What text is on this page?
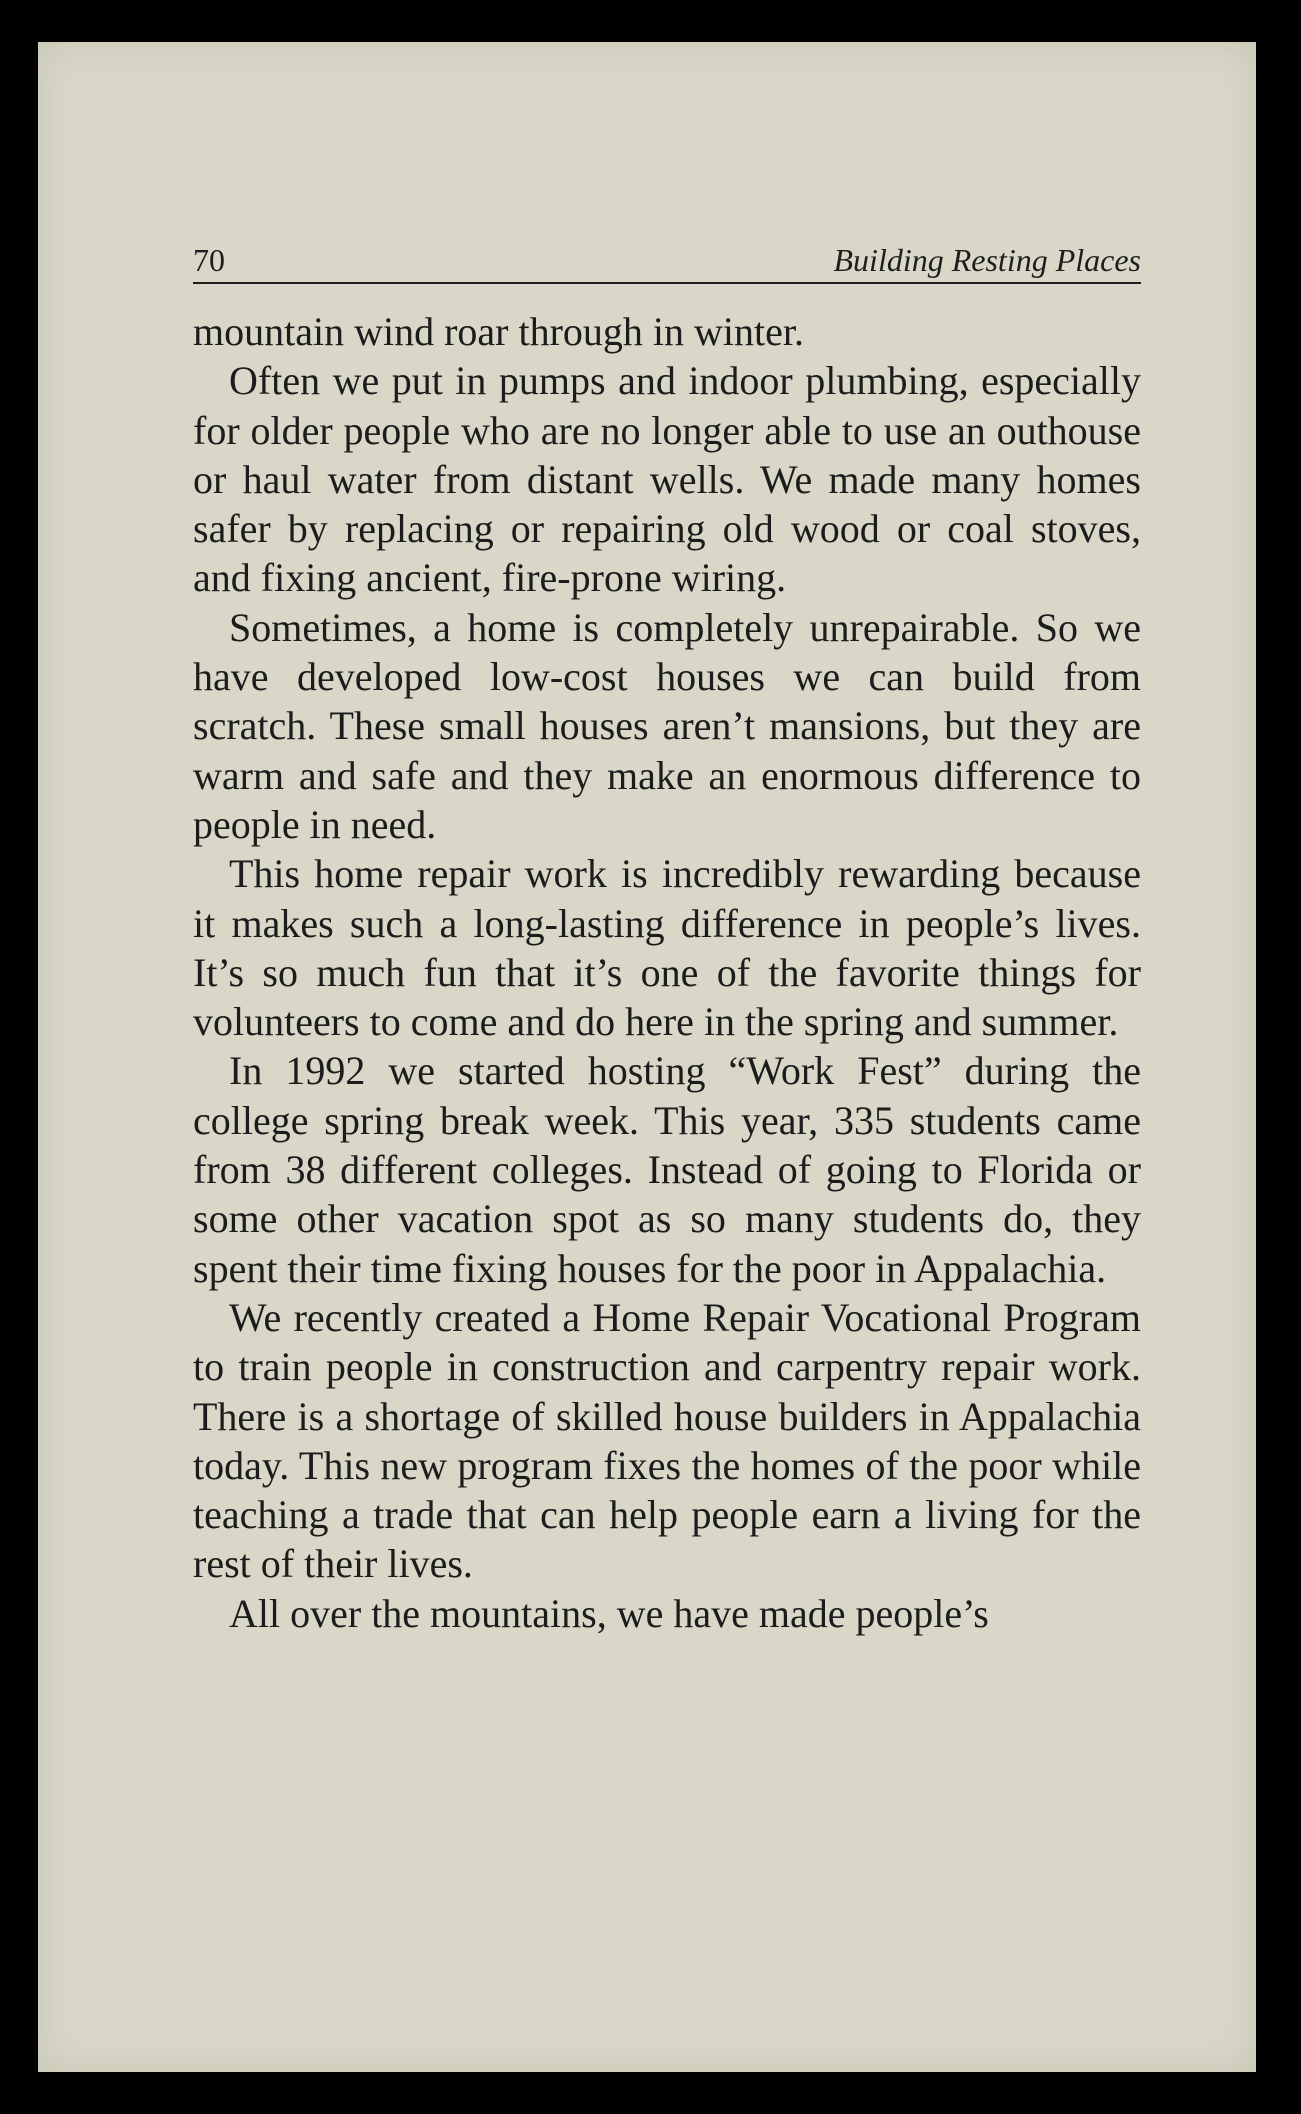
70	Building Resting Places

mountain wind roar through in winter.

Often we put in pumps and indoor plumbing, especially for older people who are no longer able to use an outhouse or haul water from distant wells. We made many homes safer by replacing or repairing old wood or coal stoves, and fixing ancient, fire-prone wiring.

Sometimes, a home is completely unrepairable. So we have developed low-cost houses we can build from scratch. These small houses aren’t mansions, but they are warm and safe and they make an enormous difference to people in need.

This home repair work is incredibly rewarding because it makes such a long-lasting difference in people’s lives. It’s so much fun that it’s one of the favorite things for volunteers to come and do here in the spring and summer.

In 1992 we started hosting “Work Fest” during the college spring break week. This year, 335 students came from 38 different colleges. Instead of going to Florida or some other vacation spot as so many students do, they spent their time fixing houses for the poor in Appalachia.

We recently created a Home Repair Vocational Program to train people in construction and carpentry repair work. There is a shortage of skilled house builders in Appalachia today. This new program fixes the homes of the poor while teaching a trade that can help people earn a living for the rest of their lives.

All over the mountains, we have made people’s
